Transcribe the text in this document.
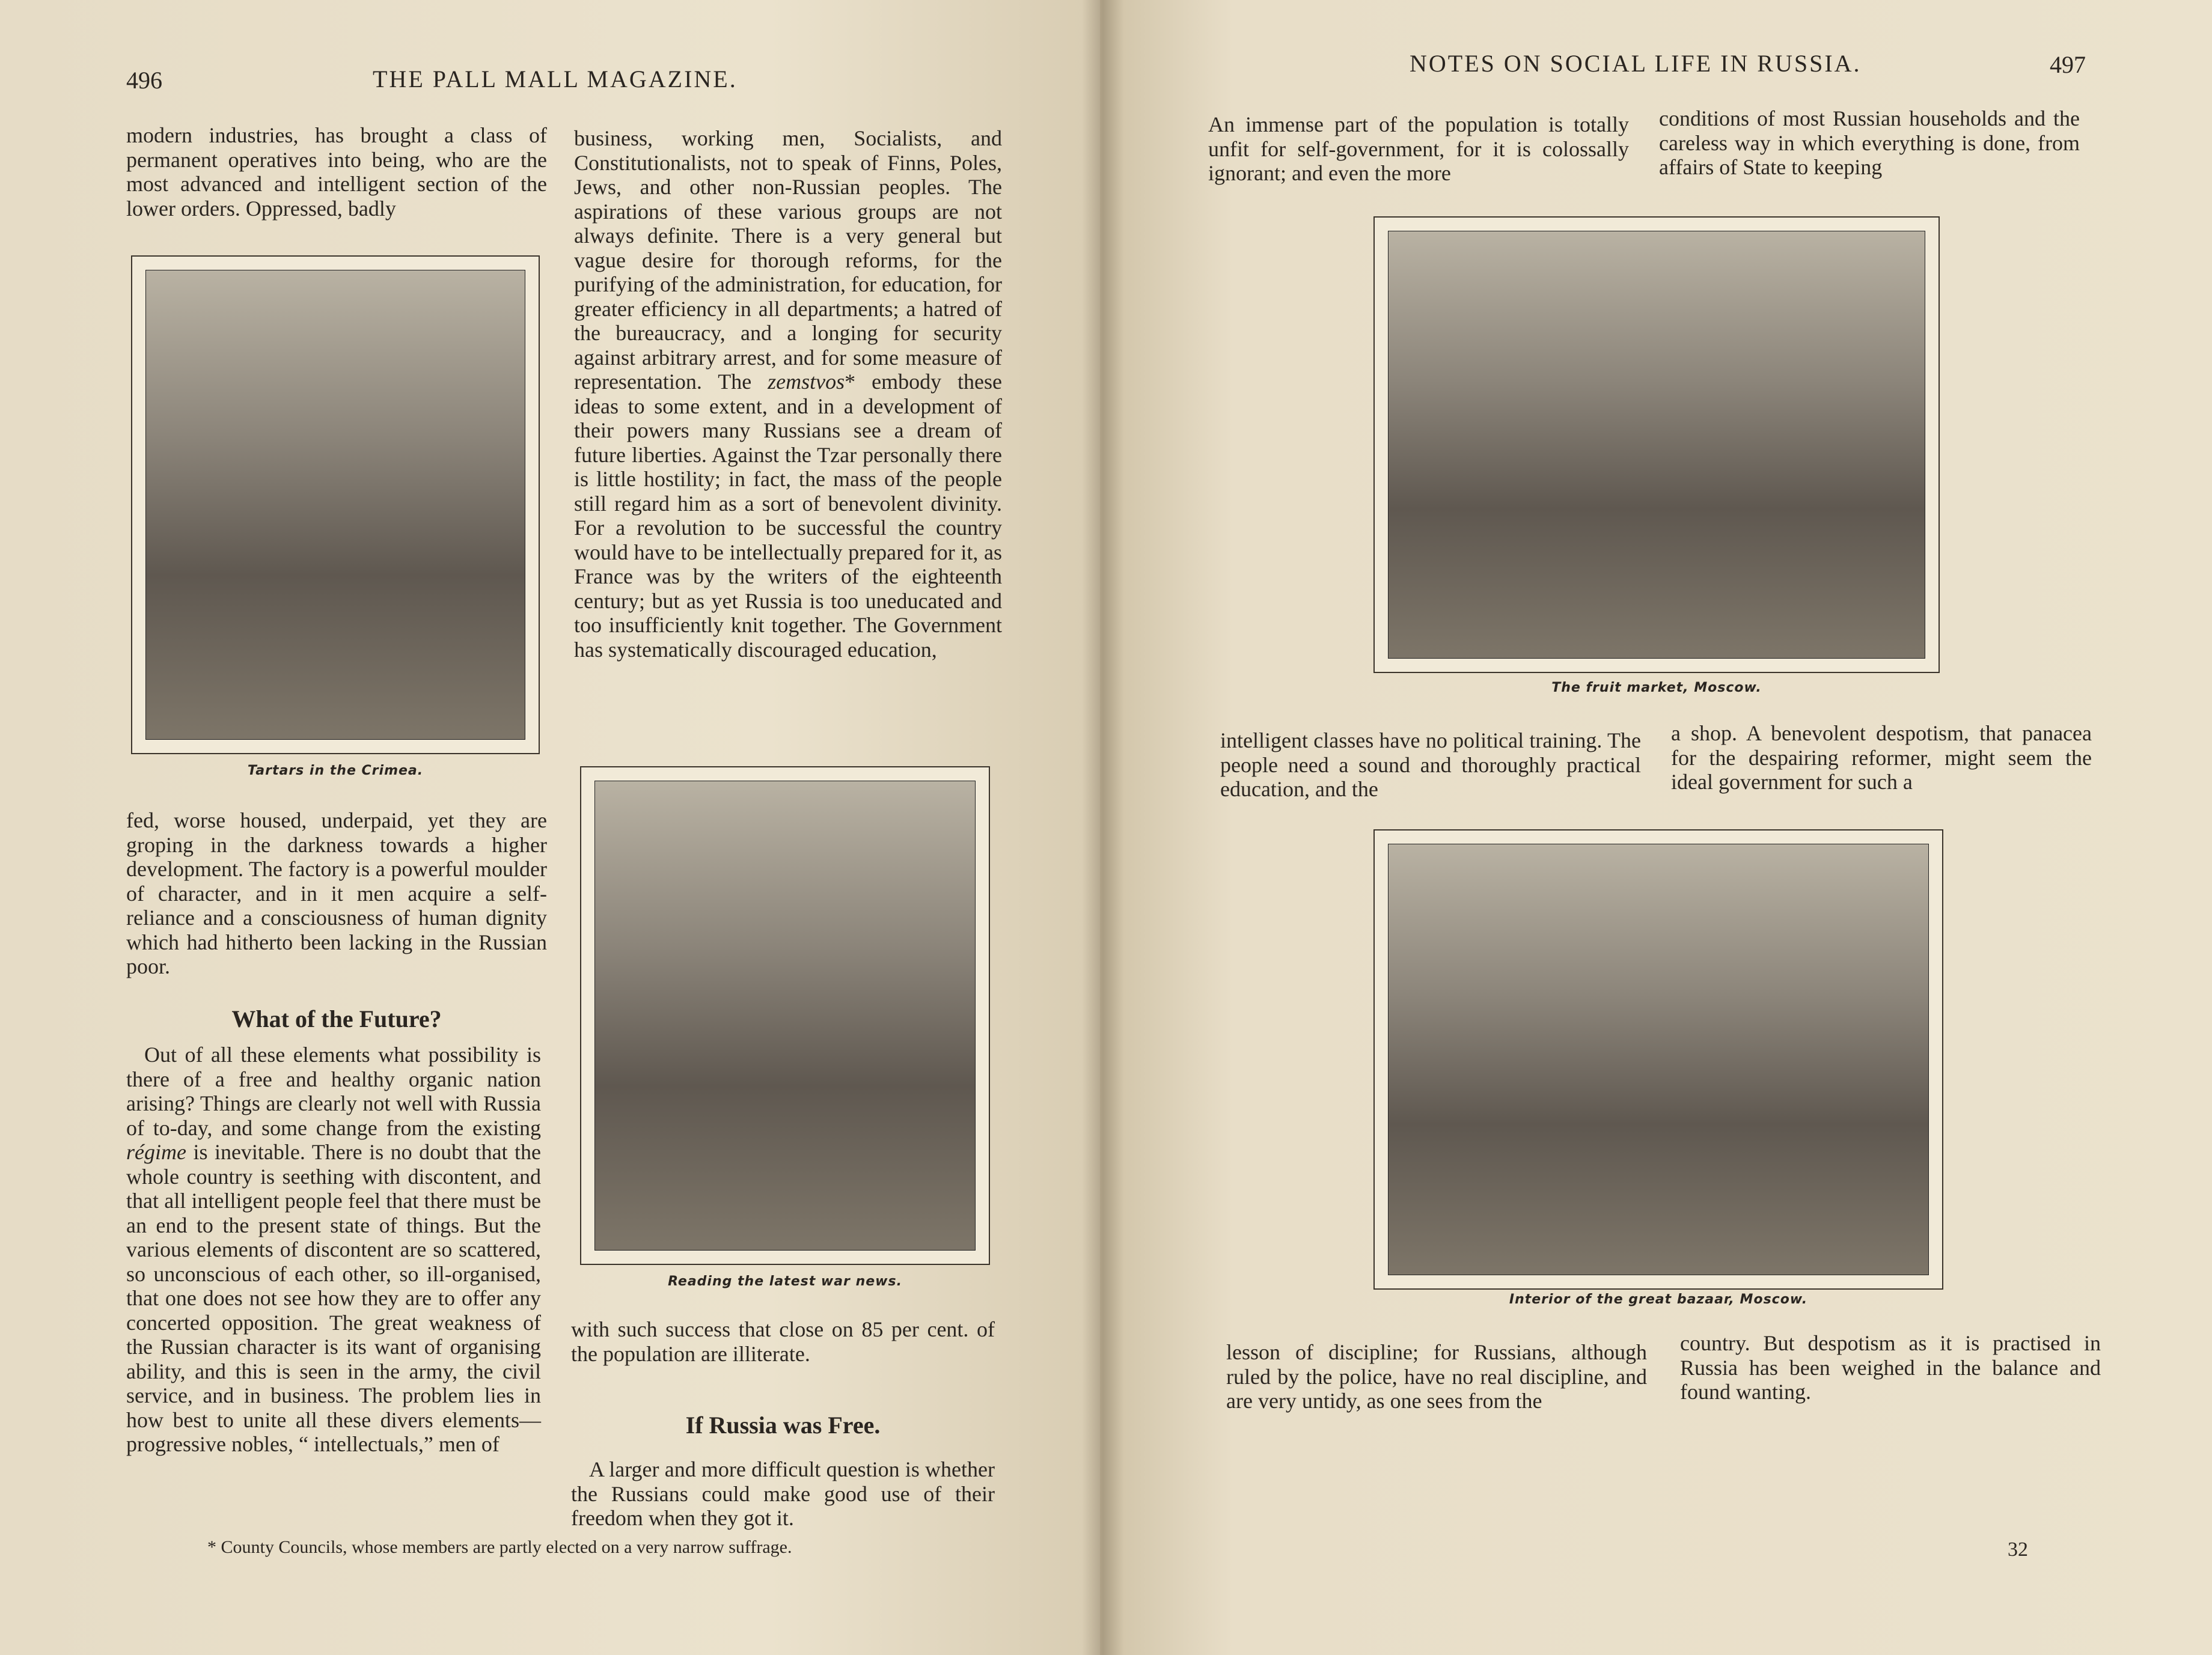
496	THE PALL MALL MAGAZINE.

modern industries, has brought a class of permanent operatives into being, who are the most advanced and intelligent section of the lower orders. Oppressed, badly

Tartars in the Crimea.

fed, worse housed, underpaid, yet they are groping in the darkness towards a higher development. The factory is a powerful moulder of character, and in it men acquire a self-reliance and a consciousness of human dignity which had hitherto been lacking in the Russian poor.

What of the Future?

Out of all these elements what possibility is there of a free and healthy organic nation arising? Things are clearly not well with Russia of to-day, and some change from the existing régime is inevitable. There is no doubt that the whole country is seething with discontent, and that all intelligent people feel that there must be an end to the present state of things. But the various elements of discontent are so scattered, so unconscious of each other, so ill-organised, that one does not see how they are to offer any concerted opposition. The great weakness of the Russian character is its want of organising ability, and this is seen in the army, the civil service, and in business. The problem lies in how best to unite all these divers elements—progressive nobles, “ intellectuals,” men of

business, working men, Socialists, and Constitutionalists, not to speak of Finns, Poles, Jews, and other non-Russian peoples. The aspirations of these various groups are not always definite. There is a very general but vague desire for thorough reforms, for the purifying of the administration, for education, for greater efficiency in all departments; a hatred of the bureaucracy, and a longing for security against arbitrary arrest, and for some measure of representation. The zemstvos* embody these ideas to some extent, and in a development of their powers many Russians see a dream of future liberties. Against the Tzar personally there is little hostility; in fact, the mass of the people still regard him as a sort of benevolent divinity. For a revolution to be successful the country would have to be intellectually prepared for it, as France was by the writers of the eighteenth century; but as yet Russia is too uneducated and too insufficiently knit together. The Government has systematically discouraged education,

Reading the latest war news.

with such success that close on 85 per cent. of the population are illiterate.

If Russia was Free.

A larger and more difficult question is whether the Russians could make good use of their freedom when they got it.

* County Councils, whose members are partly elected on a very narrow suffrage.
NOTES ON SOCIAL LIFE IN RUSSIA.	497

An immense part of the population is totally unfit for self-government, for it is colossally ignorant; and even the more

conditions of most Russian households and the careless way in which everything is done, from affairs of State to keeping

The fruit market, Moscow.

intelligent classes have no political training. The people need a sound and thoroughly practical education, and the

a shop. A benevolent despotism, that panacea for the despairing reformer, might seem the ideal government for such a

Interior of the great bazaar, Moscow.

lesson of discipline; for Russians, although ruled by the police, have no real discipline, and are very untidy, as one sees from the

country. But despotism as it is practised in Russia has been weighed in the balance and found wanting.

32
